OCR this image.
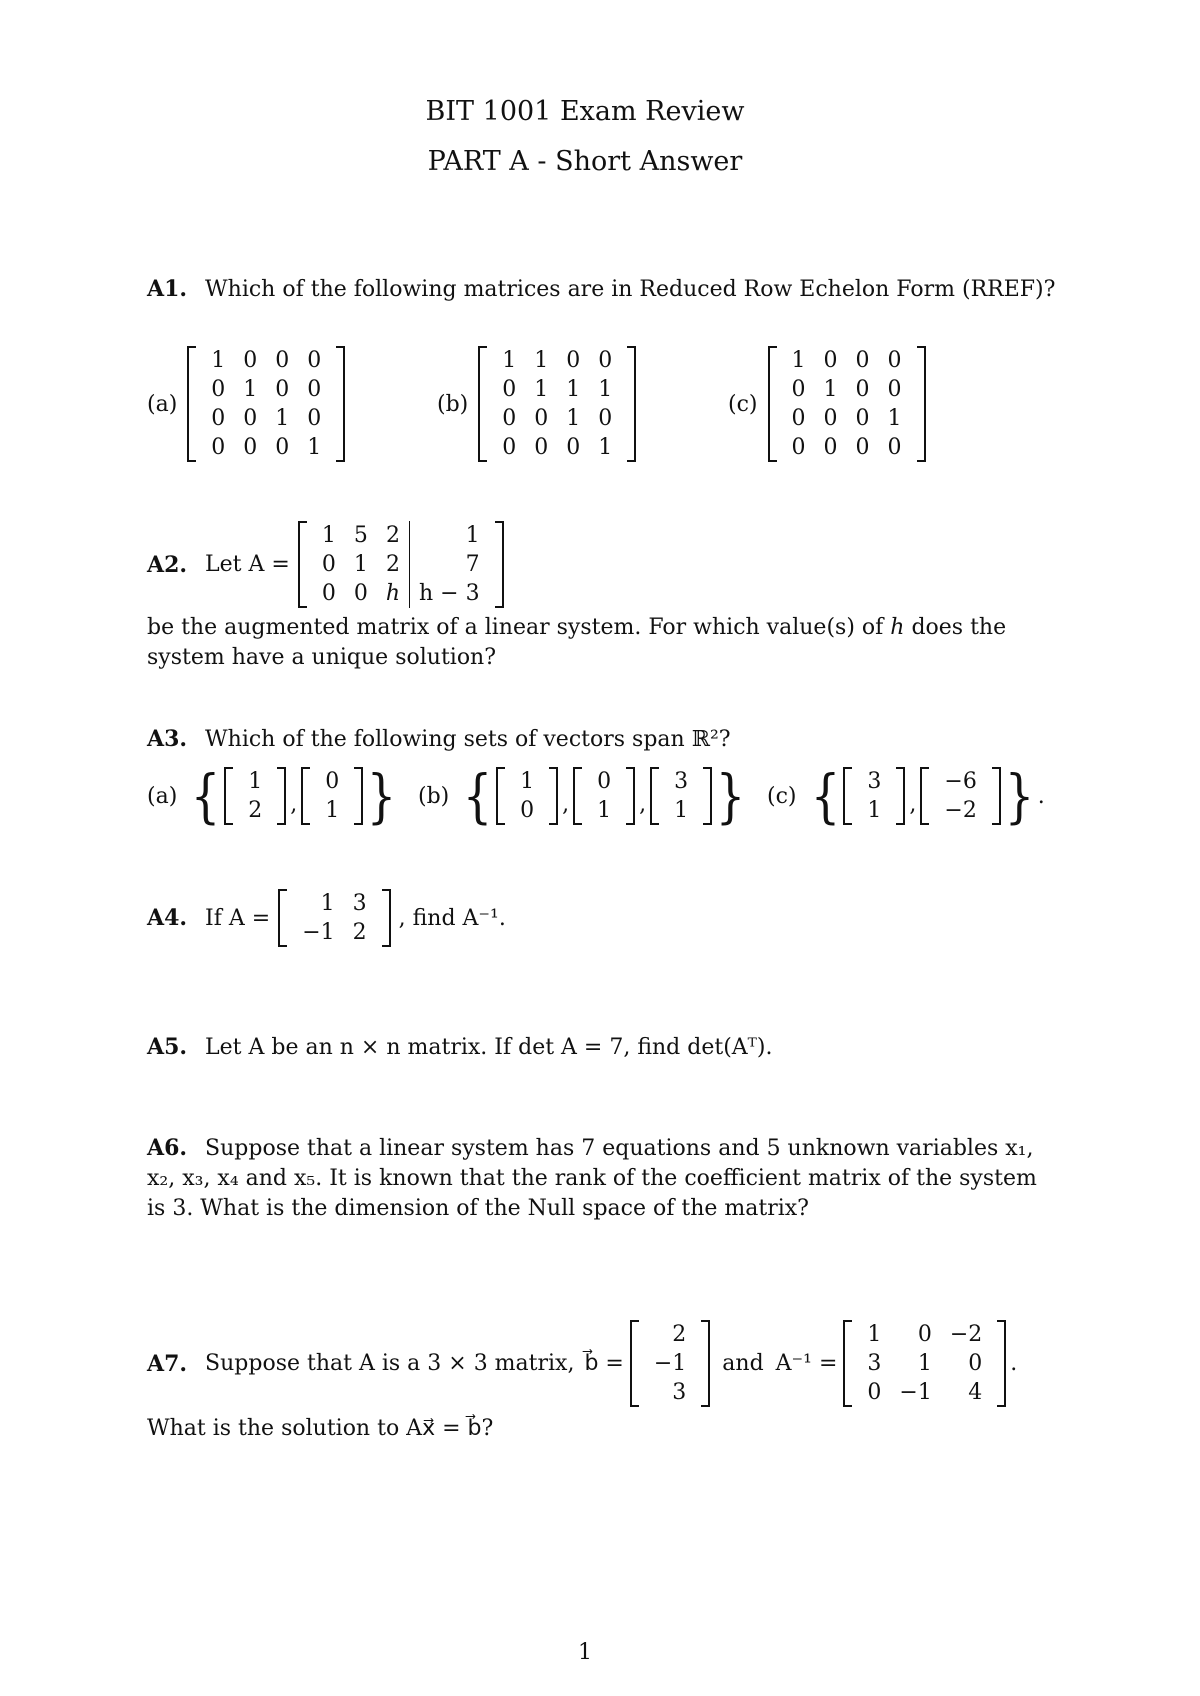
BIT 1001 Exam Review
PART A - Short Answer
A1. Which of the following matrices are in Reduced Row Echelon Form (RREF)?
(a)
1	0	0	0
0	1	0	0
0	0	1	0
0	0	0	1
(b)
1	1	0	0
0	1	1	1
0	0	1	0
0	0	0	1
(c)
1	0	0	0
0	1	0	0
0	0	0	1
0	0	0	0
A2. Let A =
1	5	2	1
0	1	2	7
0	0	h	h − 3
be the augmented matrix of a linear system. For which value(s) of h does the system have a unique solution?
A3. Which of the following sets of vectors span ℝ²?
(a) { 1
2 ,
0
1 } (b) { 1
0 ,
0
1 ,
3
1 } (c) { 3
1 ,
−6
−2 } .
A4. If A =
1	3
−1	2
, find A⁻¹.
A5. Let A be an n × n matrix. If det A = 7, find det(Aᵀ).
A6. Suppose that a linear system has 7 equations and 5 unknown variables x₁, x₂, x₃, x₄ and x₅. It is known that the rank of the coefficient matrix of the system is 3. What is the dimension of the Null space of the matrix?
A7. Suppose that A is a 3 × 3 matrix, b⃗ =
2
−1
3
and A⁻¹ =
1	0	−2
3	1	0
0	−1	4
.
What is the solution to Ax⃗ = b⃗?
1
